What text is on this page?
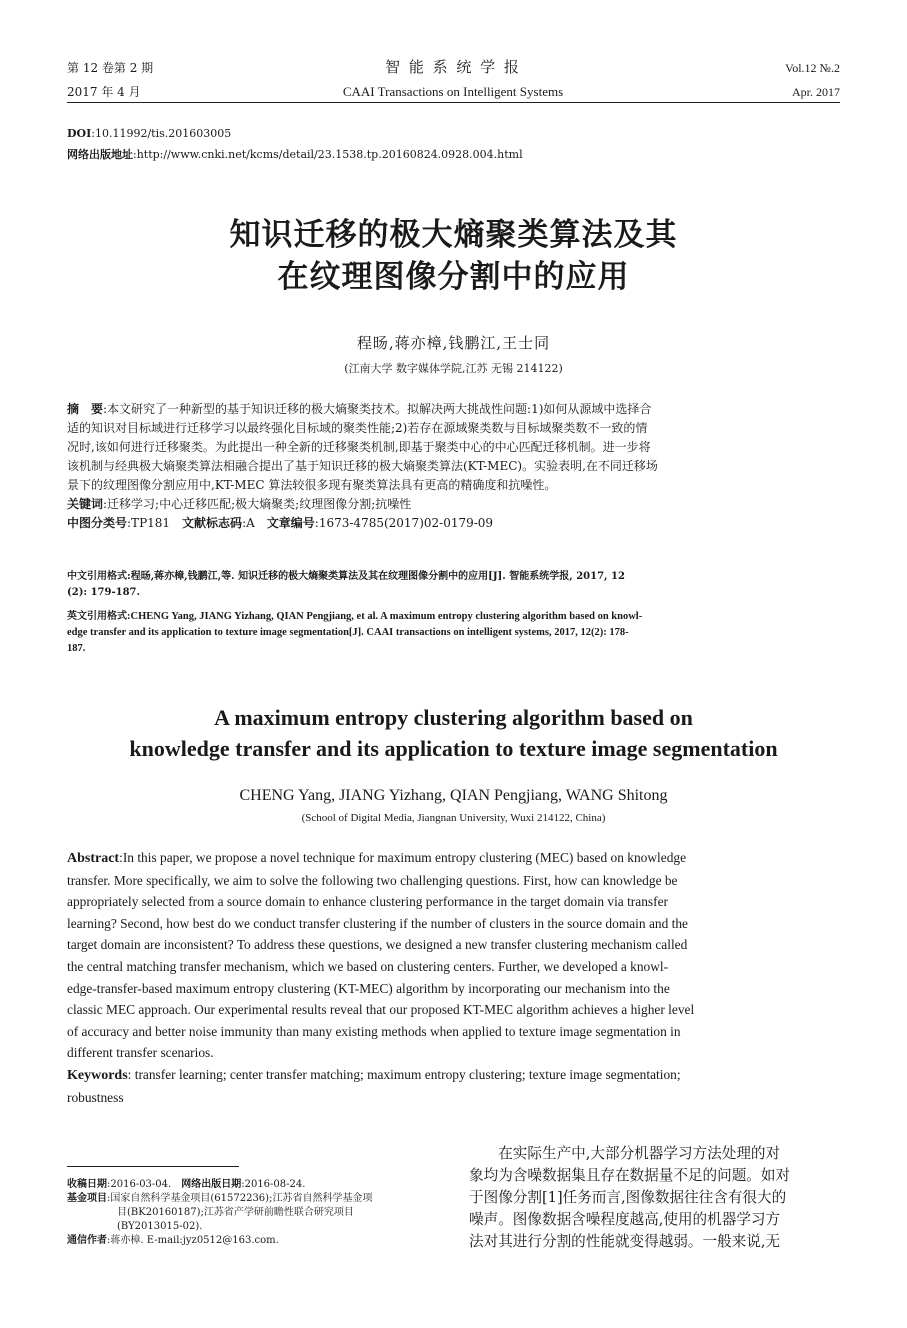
第 12 卷第 2 期
2017 年 4 月
智 能 系 统 学 报
CAAI Transactions on Intelligent Systems
Vol.12 №.2
Apr. 2017
DOI:10.11992/tis.201603005
网络出版地址:http://www.cnki.net/kcms/detail/23.1538.tp.20160824.0928.004.html
知识迁移的极大熵聚类算法及其
在纹理图像分割中的应用
程旸,蒋亦樟,钱鹏江,王士同
(江南大学 数字媒体学院,江苏 无锡 214122)
摘　要:本文研究了一种新型的基于知识迁移的极大熵聚类技术。拟解决两大挑战性问题:1)如何从源域中选择合
适的知识对目标域进行迁移学习以最终强化目标域的聚类性能;2)若存在源域聚类数与目标域聚类数不一致的情
况时,该如何进行迁移聚类。为此提出一种全新的迁移聚类机制,即基于聚类中心的中心匹配迁移机制。进一步将
该机制与经典极大熵聚类算法相融合提出了基于知识迁移的极大熵聚类算法(KT-MEC)。实验表明,在不同迁移场
景下的纹理图像分割应用中,KT-MEC 算法较很多现有聚类算法具有更高的精确度和抗噪性。
关键词:迁移学习;中心迁移匹配;极大熵聚类;纹理图像分割;抗噪性
中图分类号:TP181　文献标志码:A　文章编号:1673-4785(2017)02-0179-09
中文引用格式:程旸,蒋亦樟,钱鹏江,等. 知识迁移的极大熵聚类算法及其在纹理图像分割中的应用[J]. 智能系统学报, 2017, 12
(2): 179-187.
英文引用格式:CHENG Yang, JIANG Yizhang, QIAN Pengjiang, et al. A maximum entropy clustering algorithm based on knowl-
edge transfer and its application to texture image segmentation[J]. CAAI transactions on intelligent systems, 2017, 12(2): 178-
187.
A maximum entropy clustering algorithm based on
knowledge transfer and its application to texture image segmentation
CHENG Yang, JIANG Yizhang, QIAN Pengjiang, WANG Shitong
(School of Digital Media, Jiangnan University, Wuxi 214122, China)
Abstract:In this paper, we propose a novel technique for maximum entropy clustering (MEC) based on knowledge
transfer. More specifically, we aim to solve the following two challenging questions. First, how can knowledge be
appropriately selected from a source domain to enhance clustering performance in the target domain via transfer
learning? Second, how best do we conduct transfer clustering if the number of clusters in the source domain and the
target domain are inconsistent? To address these questions, we designed a new transfer clustering mechanism called
the central matching transfer mechanism, which we based on clustering centers. Further, we developed a knowl-
edge-transfer-based maximum entropy clustering (KT-MEC) algorithm by incorporating our mechanism into the
classic MEC approach. Our experimental results reveal that our proposed KT-MEC algorithm achieves a higher level
of accuracy and better noise immunity than many existing methods when applied to texture image segmentation in
different transfer scenarios.
Keywords: transfer learning; center transfer matching; maximum entropy clustering; texture image segmentation;
robustness
收稿日期:2016-03-04.　网络出版日期:2016-08-24.
基金项目:国家自然科学基金项目(61572236);江苏省自然科学基金项
目(BK20160187);江苏省产学研前瞻性联合研究项目
(BY2013015-02).
通信作者:蒋亦樟. E-mail:jyz0512@163.com.
　　在实际生产中,大部分机器学习方法处理的对
象均为含噪数据集且存在数据量不足的问题。如对
于图像分割[1]任务而言,图像数据往往含有很大的
噪声。图像数据含噪程度越高,使用的机器学习方
法对其进行分割的性能就变得越弱。一般来说,无
